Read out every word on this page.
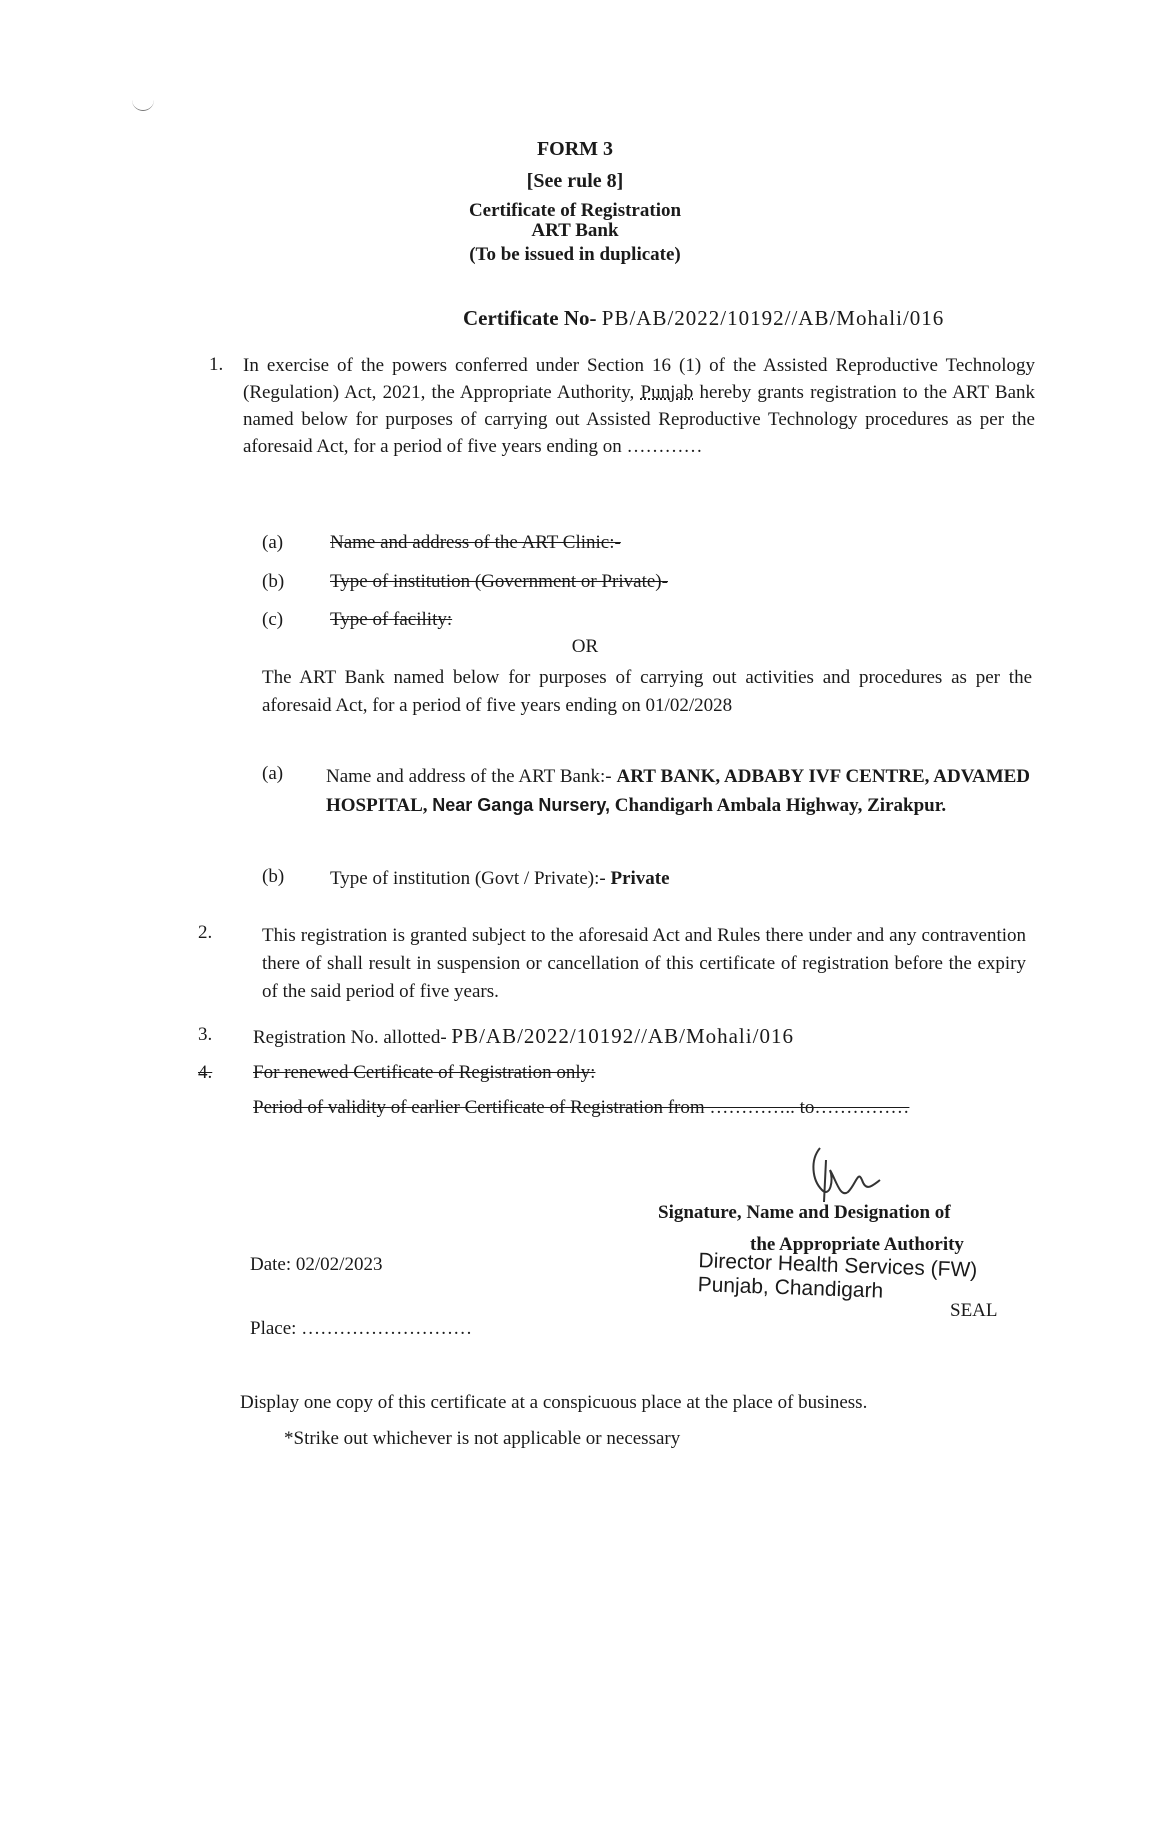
FORM 3
[See rule 8]
Certificate of Registration
ART Bank
(To be issued in duplicate)
Certificate No- PB/AB/2022/10192//AB/Mohali/016
1. In exercise of the powers conferred under Section 16 (1) of the Assisted Reproductive Technology (Regulation) Act, 2021, the Appropriate Authority, Punjab hereby grants registration to the ART Bank named below for purposes of carrying out Assisted Reproductive Technology procedures as per the aforesaid Act, for a period of five years ending on …………
(a) Name and address of the ART Clinic:-
(b) Type of institution (Government or Private)-
(c) Type of facility:
OR
The ART Bank named below for purposes of carrying out activities and procedures as per the aforesaid Act, for a period of five years ending on 01/02/2028
(a) Name and address of the ART Bank:- ART BANK, ADBABY IVF CENTRE, ADVAMED HOSPITAL, Near Ganga Nursery, Chandigarh Ambala Highway, Zirakpur.
(b) Type of institution (Govt / Private):- Private
2.	This registration is granted subject to the aforesaid Act and Rules there under and any contravention there of shall result in suspension or cancellation of this certificate of registration before the expiry of the said period of five years.
3. Registration No. allotted- PB/AB/2022/10192//AB/Mohali/016
4. For renewed Certificate of Registration only:
Period of validity of earlier Certificate of Registration from ………….. to……………
Signature, Name and Designation of
the Appropriate Authority
Director Health Services (FW)
Punjab, Chandigarh
SEAL
Date: 02/02/2023
Place: ………………………
Display one copy of this certificate at a conspicuous place at the place of business.
*Strike out whichever is not applicable or necessary
